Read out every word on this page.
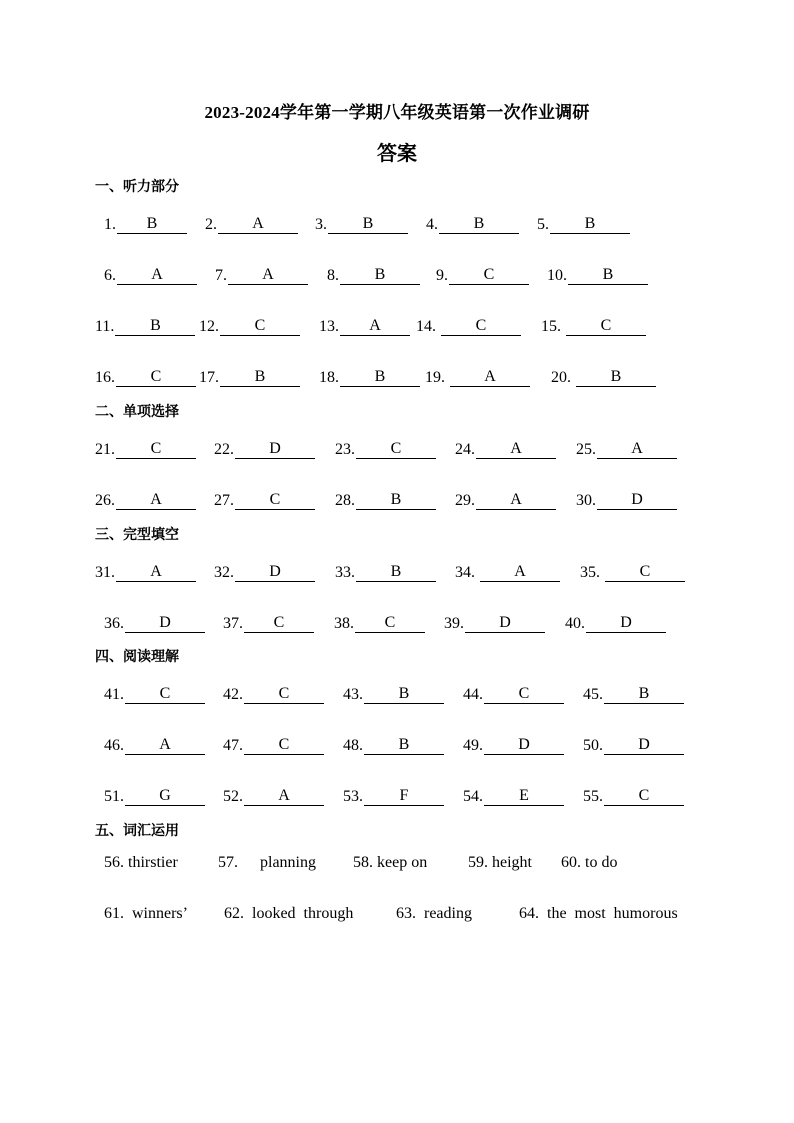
2023-2024学年第一学期八年级英语第一次作业调研
答案
一、听力部分
1.	B	2.	A	3.	B	4.	B	5.	B
6.	A	7.	A	8.	B	9.	C	10.	B
11.	B	12.	C	13.	A	14.	C	15.	C
16.	C	17.	B	18.	B	19.	A	20.	B
二、单项选择
21.	C	22.	D	23.	C	24.	A	25.	A
26.	A	27.	C	28.	B	29.	A	30.	D
三、完型填空
31.	A	32.	D	33.	B	34.	A	35.	C
36.	D	37.	C	38.	C	39.	D	40.	D
四、阅读理解
41.	C	42.	C	43.	B	44.	C	45.	B
46.	A	47.	C	48.	B	49.	D	50.	D
51.	G	52.	A	53.	F	54.	E	55.	C
五、词汇运用
56. thirstier	57. planning 58. keep on	59. height 60. to do
61.  winners’ 62.  looked  through	63.  reading	64.  the  most  humorous
